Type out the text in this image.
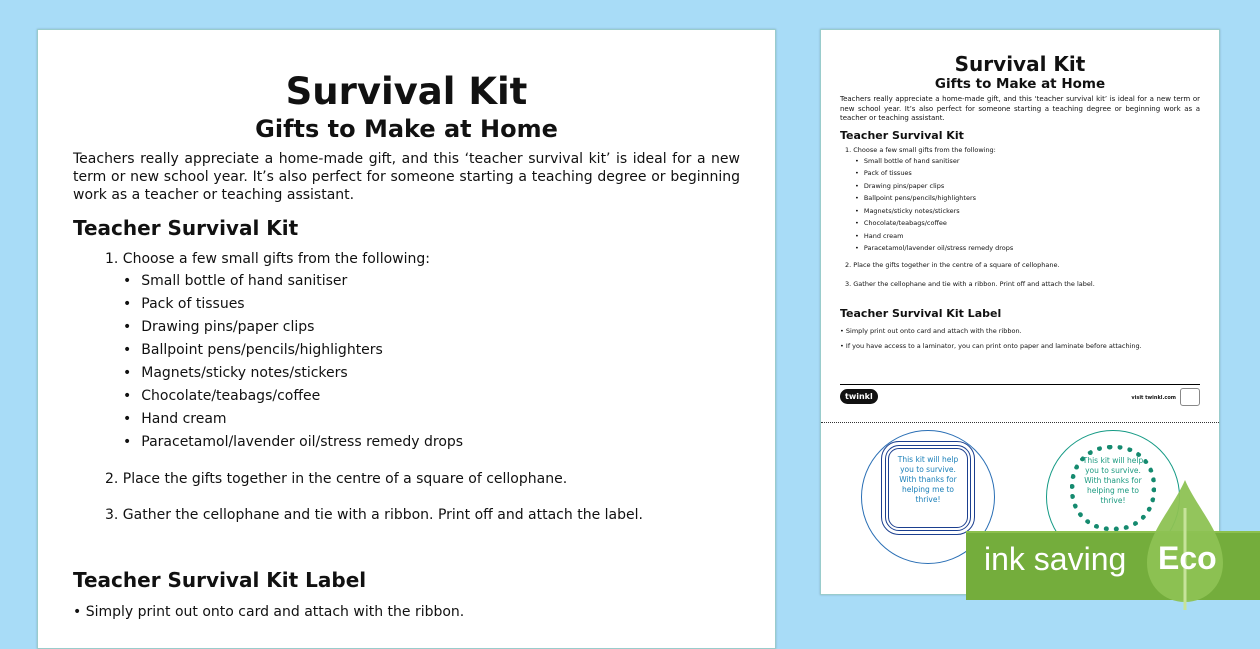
Survival Kit
Gifts to Make at Home

Teachers really appreciate a home-made gift, and this ‘teacher survival kit’ is ideal for a new term or new school year. It’s also perfect for someone starting a teaching degree or beginning work as a teacher or teaching assistant.

Teacher Survival Kit
1. Choose a few small gifts from the following:
• Small bottle of hand sanitiser
• Pack of tissues
• Drawing pins/paper clips
• Ballpoint pens/pencils/highlighters
• Magnets/sticky notes/stickers
• Chocolate/teabags/coffee
• Hand cream
• Paracetamol/lavender oil/stress remedy drops
2. Place the gifts together in the centre of a square of cellophane.
3. Gather the cellophane and tie with a ribbon. Print off and attach the label.
Teacher Survival Kit Label

• Simply print out onto card and attach with the ribbon.

Survival Kit
Gifts to Make at Home

Teachers really appreciate a home-made gift, and this ‘teacher survival kit’ is ideal for a new term or new school year. It’s also perfect for someone starting a teaching degree or beginning work as a teacher or teaching assistant.

Teacher Survival Kit
1. Choose a few small gifts from the following:
• Small bottle of hand sanitiser
• Pack of tissues
• Drawing pins/paper clips
• Ballpoint pens/pencils/highlighters
• Magnets/sticky notes/stickers
• Chocolate/teabags/coffee
• Hand cream
• Paracetamol/lavender oil/stress remedy drops
2. Place the gifts together in the centre of a square of cellophane.
3. Gather the cellophane and tie with a ribbon. Print off and attach the label.
Teacher Survival Kit Label

• Simply print out onto card and attach with the ribbon.

• If you have access to a laminator, you can print onto paper and laminate before attaching.

twinkl	visit twinkl.com
This kit will help you to survive. With thanks for helping me to thrive!
This kit will help you to survive. With thanks for helping me to thrive!
ink saving Eco
